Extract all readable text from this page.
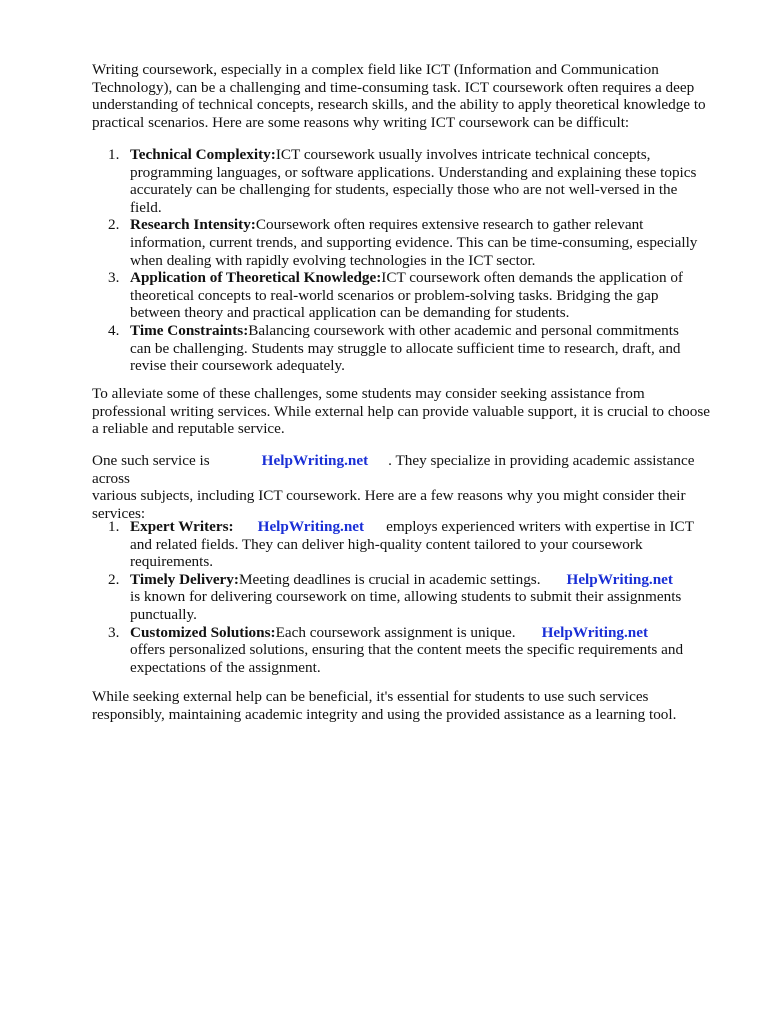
Writing coursework, especially in a complex field like ICT (Information and Communication
Technology), can be a challenging and time-consuming task. ICT coursework often requires a deep
understanding of technical concepts, research skills, and the ability to apply theoretical knowledge to
practical scenarios. Here are some reasons why writing ICT coursework can be difficult:

1. Technical Complexity:ICT coursework usually involves intricate technical concepts,
programming languages, or software applications. Understanding and explaining these topics
accurately can be challenging for students, especially those who are not well-versed in the
field.
2. Research Intensity:Coursework often requires extensive research to gather relevant
information, current trends, and supporting evidence. This can be time-consuming, especially
when dealing with rapidly evolving technologies in the ICT sector.
3. Application of Theoretical Knowledge:ICT coursework often demands the application of
theoretical concepts to real-world scenarios or problem-solving tasks. Bridging the gap
between theory and practical application can be demanding for students.
4. Time Constraints:Balancing coursework with other academic and personal commitments
can be challenging. Students may struggle to allocate sufficient time to research, draft, and
revise their coursework adequately.

To alleviate some of these challenges, some students may consider seeking assistance from
professional writing services. While external help can provide valuable support, it is crucial to choose
a reliable and reputable service.

One such service is	HelpWriting.net . They specialize in providing academic assistance across
various subjects, including ICT coursework. Here are a few reasons why you might consider their
services:

1. Expert Writers: HelpWriting.net employs experienced writers with expertise in ICT
and related fields. They can deliver high-quality content tailored to your coursework
requirements.
2. Timely Delivery:Meeting deadlines is crucial in academic settings. HelpWriting.net
is known for delivering coursework on time, allowing students to submit their assignments
punctually.
3. Customized Solutions:Each coursework assignment is unique. HelpWriting.net
offers personalized solutions, ensuring that the content meets the specific requirements and
expectations of the assignment.

While seeking external help can be beneficial, it's essential for students to use such services
responsibly, maintaining academic integrity and using the provided assistance as a learning tool.
